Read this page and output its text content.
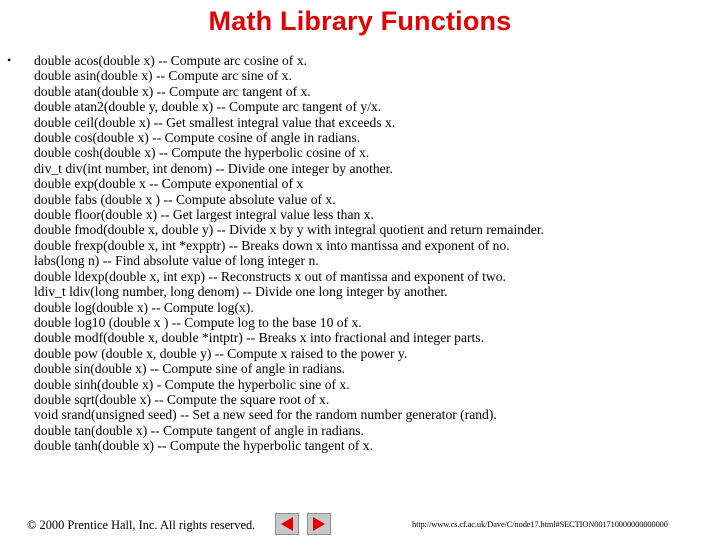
Math Library Functions
• double acos(double x) -- Compute arc cosine of x.
double asin(double x) -- Compute arc sine of x.
double atan(double x) -- Compute arc tangent of x.
double atan2(double y, double x) -- Compute arc tangent of y/x.
double ceil(double x) -- Get smallest integral value that exceeds x.
double cos(double x) -- Compute cosine of angle in radians.
double cosh(double x) -- Compute the hyperbolic cosine of x.
div_t div(int number, int denom) -- Divide one integer by another.
double exp(double x -- Compute exponential of x
double fabs (double x ) -- Compute absolute value of x.
double floor(double x) -- Get largest integral value less than x.
double fmod(double x, double y) -- Divide x by y with integral quotient and return remainder.
double frexp(double x, int *expptr) -- Breaks down x into mantissa and exponent of no.
labs(long n) -- Find absolute value of long integer n.
double ldexp(double x, int exp) -- Reconstructs x out of mantissa and exponent of two.
ldiv_t ldiv(long number, long denom) -- Divide one long integer by another.
double log(double x) -- Compute log(x).
double log10 (double x ) -- Compute log to the base 10 of x.
double modf(double x, double *intptr) -- Breaks x into fractional and integer parts.
double pow (double x, double y) -- Compute x raised to the power y.
double sin(double x) -- Compute sine of angle in radians.
double sinh(double x) - Compute the hyperbolic sine of x.
double sqrt(double x) -- Compute the square root of x.
void srand(unsigned seed) -- Set a new seed for the random number generator (rand).
double tan(double x) -- Compute tangent of angle in radians.
double tanh(double x) -- Compute the hyperbolic tangent of x.
© 2000 Prentice Hall, Inc. All rights reserved.	http://www.cs.cf.ac.uk/Dave/C/node17.html#SECTION001710000000000000
